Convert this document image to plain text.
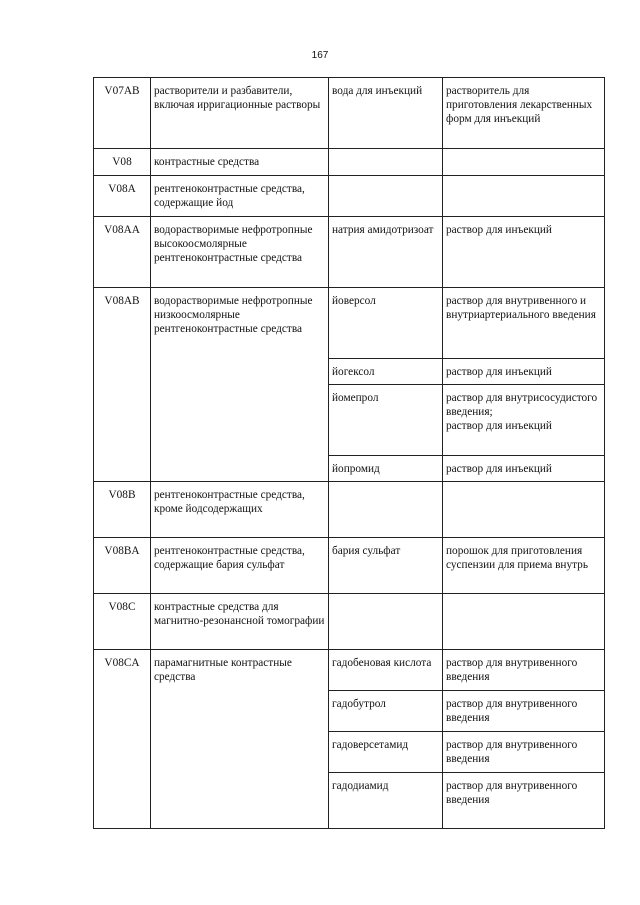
167
V07AB	растворители и разбавители, включая ирригационные растворы	вода для инъекций	растворитель для приготовления лекарственных форм для инъекций
V08	контрастные средства		
V08A	рентгеноконтрастные средства, содержащие йод		
V08AA	водорастворимые нефротропные высокоосмолярные рентгеноконтрастные средства	натрия амидотризоат	раствор для инъекций
V08AB	водорастворимые нефротропные низкоосмолярные рентгеноконтрастные средства	йоверсол	раствор для внутривенного и внутриартериального введения
		йогексол	раствор для инъекций
		йомепрол	раствор для внутрисосудистого введения;
раствор для инъекций
		йопромид	раствор для инъекций
V08B	рентгеноконтрастные средства, кроме йодсодержащих		
V08BA	рентгеноконтрастные средства, содержащие бария сульфат	бария сульфат	порошок для приготовления суспензии для приема внутрь
V08C	контрастные средства для магнитно-резонансной томографии		
V08CA	парамагнитные контрастные средства	гадобеновая кислота	раствор для внутривенного введения
		гадобутрол	раствор для внутривенного введения
		гадоверсетамид	раствор для внутривенного введения
		гадодиамид	раствор для внутривенного введения
